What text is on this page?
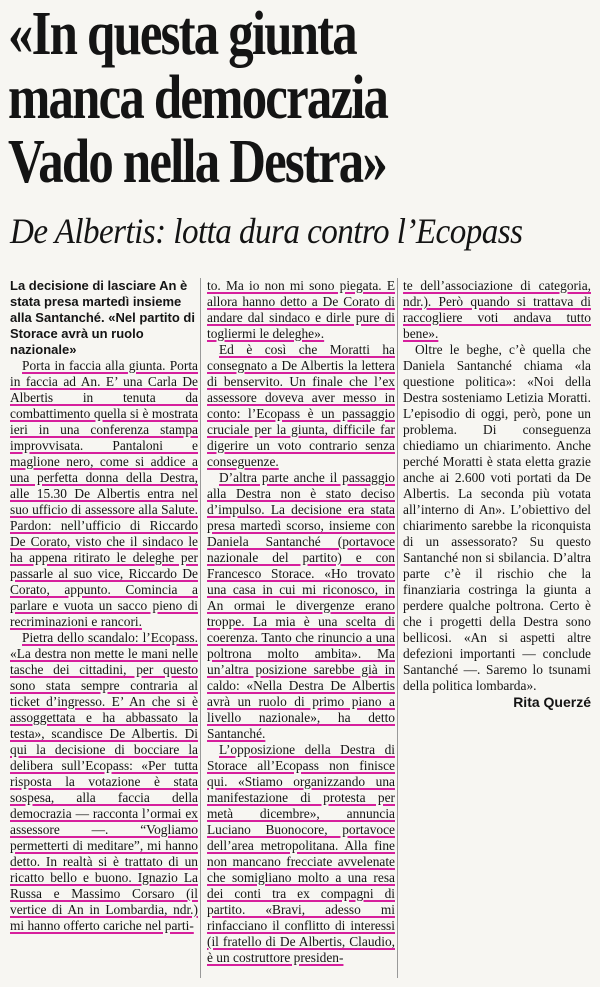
«In questa giunta
manca democrazia
Vado nella Destra»
De Albertis: lotta dura contro l’Ecopass

La decisione di lasciare An è stata presa martedì insieme alla Santanché. «Nel partito di Storace avrà un ruolo nazionale»

Porta in faccia alla giunta. Porta in faccia ad An. E’ una Carla De Albertis in tenuta da combattimento quella si è mostrata ieri in una conferenza stampa improvvisata. Pantaloni e maglione nero, come si addice a una perfetta donna della Destra, alle 15.30 De Albertis entra nel suo ufficio di assessore alla Salute. Pardon: nell’ufficio di Riccardo De Corato, visto che il sindaco le ha appena ritirato le deleghe per passarle al suo vice, Riccardo De Corato, appunto. Comincia a parlare e vuota un sacco pieno di recriminazioni e rancori.

Pietra dello scandalo: l’Ecopass. «La destra non mette le mani nelle tasche dei cittadini, per questo sono stata sempre contraria al ticket d’ingresso. E’ An che si è assoggettata e ha abbassato la testa», scandisce De Albertis. Di qui la decisione di bocciare la delibera sull’Ecopass: «Per tutta risposta la votazione è stata sospesa, alla faccia della democrazia — racconta l’ormai ex assessore —. “Vogliamo permetterti di meditare”, mi hanno detto. In realtà si è trattato di un ricatto bello e buono. Ignazio La Russa e Massimo Corsaro (il vertice di An in Lombardia, ndr.) mi hanno offerto cariche nel parti-

to. Ma io non mi sono piegata. E allora hanno detto a De Corato di andare dal sindaco e dirle pure di togliermi le deleghe».

Ed è così che Moratti ha consegnato a De Albertis la lettera di benservito. Un finale che l’ex assessore doveva aver messo in conto: l’Ecopass è un passaggio cruciale per la giunta, difficile far digerire un voto contrario senza conseguenze.

D’altra parte anche il passaggio alla Destra non è stato deciso d’impulso. La decisione era stata presa martedì scorso, insieme con Daniela Santanché (portavoce nazionale del partito) e con Francesco Storace. «Ho trovato una casa in cui mi riconosco, in An ormai le divergenze erano troppe. La mia è una scelta di coerenza. Tanto che rinuncio a una poltrona molto ambita». Ma un’altra posizione sarebbe già in caldo: «Nella Destra De Albertis avrà un ruolo di primo piano a livello nazionale», ha detto Santanché.

L’opposizione della Destra di Storace all’Ecopass non finisce qui. «Stiamo organizzando una manifestazione di protesta per metà dicembre», annuncia Luciano Buonocore, portavoce dell’area metropolitana. Alla fine non mancano frecciate avvelenate che somigliano molto a una resa dei conti tra ex compagni di partito. «Bravi, adesso mi rinfacciano il conflitto di interessi (il fratello di De Albertis, Claudio, è un costruttore presiden-

te dell’associazione di categoria, ndr.). Però quando si trattava di raccogliere voti andava tutto bene».

Oltre le beghe, c’è quella che Daniela Santanché chiama «la questione politica»: «Noi della Destra sosteniamo Letizia Moratti. L’episodio di oggi, però, pone un problema. Di conseguenza chiediamo un chiarimento. Anche perché Moratti è stata eletta grazie anche ai 2.600 voti portati da De Albertis. La seconda più votata all’interno di An». L’obiettivo del chiarimento sarebbe la riconquista di un assessorato? Su questo Santanché non si sbilancia. D’altra parte c’è il rischio che la finanziaria costringa la giunta a perdere qualche poltrona. Certo è che i progetti della Destra sono bellicosi. «An si aspetti altre defezioni importanti — conclude Santanché —. Saremo lo tsunami della politica lombarda».

Rita Querzé
